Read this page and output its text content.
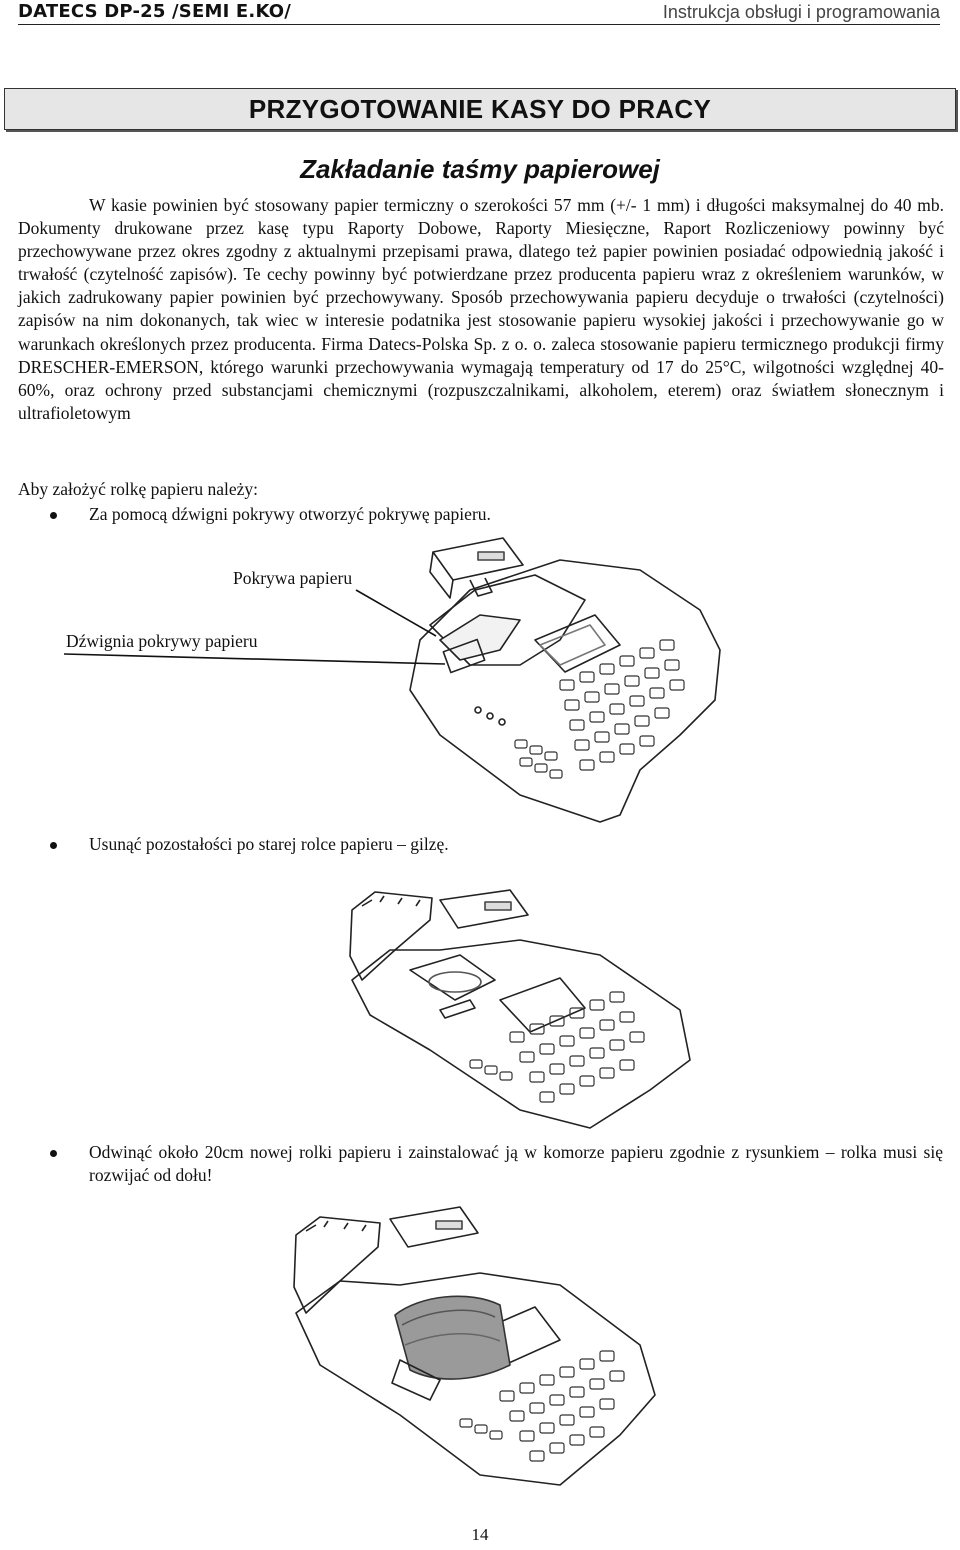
DATECS DP-25 /SEMI E.KO/	Instrukcja obsługi i programowania
PRZYGOTOWANIE KASY DO PRACY
Zakładanie taśmy papierowej
W kasie powinien być stosowany papier termiczny o szerokości 57 mm (+/- 1 mm) i długości maksymalnej do 40 mb. Dokumenty drukowane przez kasę typu Raporty Dobowe, Raporty Miesięczne, Raport Rozliczeniowy powinny być przechowywane przez okres zgodny z aktualnymi przepisami prawa, dlatego też papier powinien posiadać odpowiednią jakość i trwałość (czytelność zapisów). Te cechy powinny być potwierdzane przez producenta papieru wraz z określeniem warunków, w jakich zadrukowany papier powinien być przechowywany. Sposób przechowywania papieru decyduje o trwałości (czytelności) zapisów na nim dokonanych, tak wiec w interesie podatnika jest stosowanie papieru wysokiej jakości i przechowywanie go w warunkach określonych przez producenta. Firma Datecs-Polska Sp. z o. o. zaleca stosowanie papieru termicznego produkcji firmy DRESCHER-EMERSON, którego warunki przechowywania wymagają temperatury od 17 do 25°C, wilgotności względnej 40-60%, oraz ochrony przed substancjami chemicznymi (rozpuszczalnikami, alkoholem, eterem) oraz światłem słonecznym i ultrafioletowym
Aby założyć rolkę papieru należy:
Za pomocą dźwigni pokrywy otworzyć pokrywę papieru.
Pokrywa papieru
Dźwignia pokrywy papieru
Usunąć pozostałości po starej rolce papieru – gilzę.
Odwinąć około 20cm nowej rolki papieru i zainstalować ją w komorze papieru zgodnie z rysunkiem – rolka musi się rozwijać od dołu!
14
